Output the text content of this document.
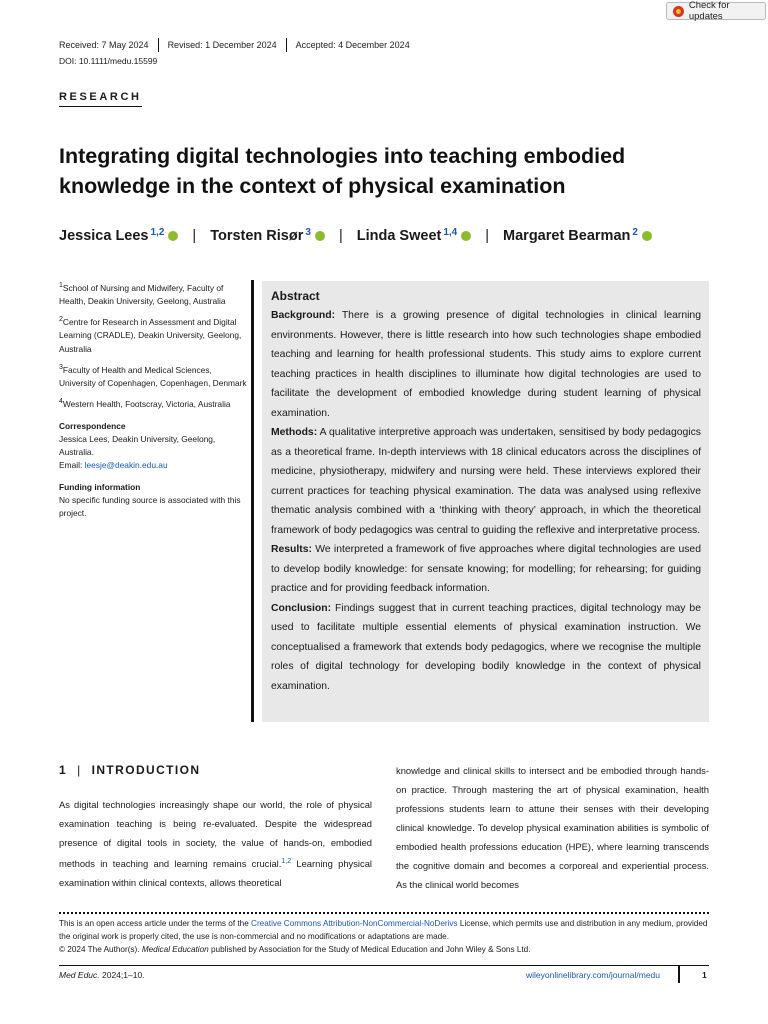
Check for updates
Received: 7 May 2024	Revised: 1 December 2024	Accepted: 4 December 2024
DOI: 10.1111/medu.15599
RESEARCH
Integrating digital technologies into teaching embodied knowledge in the context of physical examination
Jessica Lees$^{1,2}$ | Torsten Risør$^3$ | Linda Sweet$^{1,4}$ | Margaret Bearman$^2$

$^1$School of Nursing and Midwifery, Faculty of Health, Deakin University, Geelong, Australia

$^2$Centre for Research in Assessment and Digital Learning (CRADLE), Deakin University, Geelong, Australia

$^3$Faculty of Health and Medical Sciences, University of Copenhagen, Copenhagen, Denmark

$^4$Western Health, Footscray, Victoria, Australia

Correspondence

Jessica Lees, Deakin University, Geelong, Australia.
Email: leesje@deakin.edu.au

Funding information

No specific funding source is associated with this project.

Abstract

Background: There is a growing presence of digital technologies in clinical learning environments. However, there is little research into how such technologies shape embodied teaching and learning for health professional students. This study aims to explore current teaching practices in health disciplines to illuminate how digital technologies are used to facilitate the development of embodied knowledge during student learning of physical examination.

Methods: A qualitative interpretive approach was undertaken, sensitised by body pedagogics as a theoretical frame. In-depth interviews with 18 clinical educators across the disciplines of medicine, physiotherapy, midwifery and nursing were held. These interviews explored their current practices for teaching physical examination. The data was analysed using reflexive thematic analysis combined with a ‘thinking with theory’ approach, in which the theoretical framework of body pedagogics was central to guiding the reflexive and interpretative process.

Results: We interpreted a framework of five approaches where digital technologies are used to develop bodily knowledge: for sensate knowing; for modelling; for rehearsing; for guiding practice and for providing feedback information.

Conclusion: Findings suggest that in current teaching practices, digital technology may be used to facilitate multiple essential elements of physical examination instruction. We conceptualised a framework that extends body pedagogics, where we recognise the multiple roles of digital technology for developing bodily knowledge in the context of physical examination.

1 | INTRODUCTION

As digital technologies increasingly shape our world, the role of physical examination teaching is being re-evaluated. Despite the widespread presence of digital tools in society, the value of hands-on, embodied methods in teaching and learning remains crucial.$^{1,2}$ Learning physical examination within clinical contexts, allows theoretical

knowledge and clinical skills to intersect and be embodied through hands-on practice. Through mastering the art of physical examination, health professions students learn to attune their senses with their developing clinical knowledge. To develop physical examination abilities is symbolic of embodied health professions education (HPE), where learning transcends the cognitive domain and becomes a corporeal and experiential process. As the clinical world becomes

This is an open access article under the terms of the Creative Commons Attribution-NonCommercial-NoDerivs License, which permits use and distribution in any medium, provided the original work is properly cited, the use is non-commercial and no modifications or adaptations are made.

© 2024 The Author(s). Medical Education published by Association for the Study of Medical Education and John Wiley & Sons Ltd.

Med Educ. 2024;1–10.	wileyonlinelibrary.com/journal/medu	1
